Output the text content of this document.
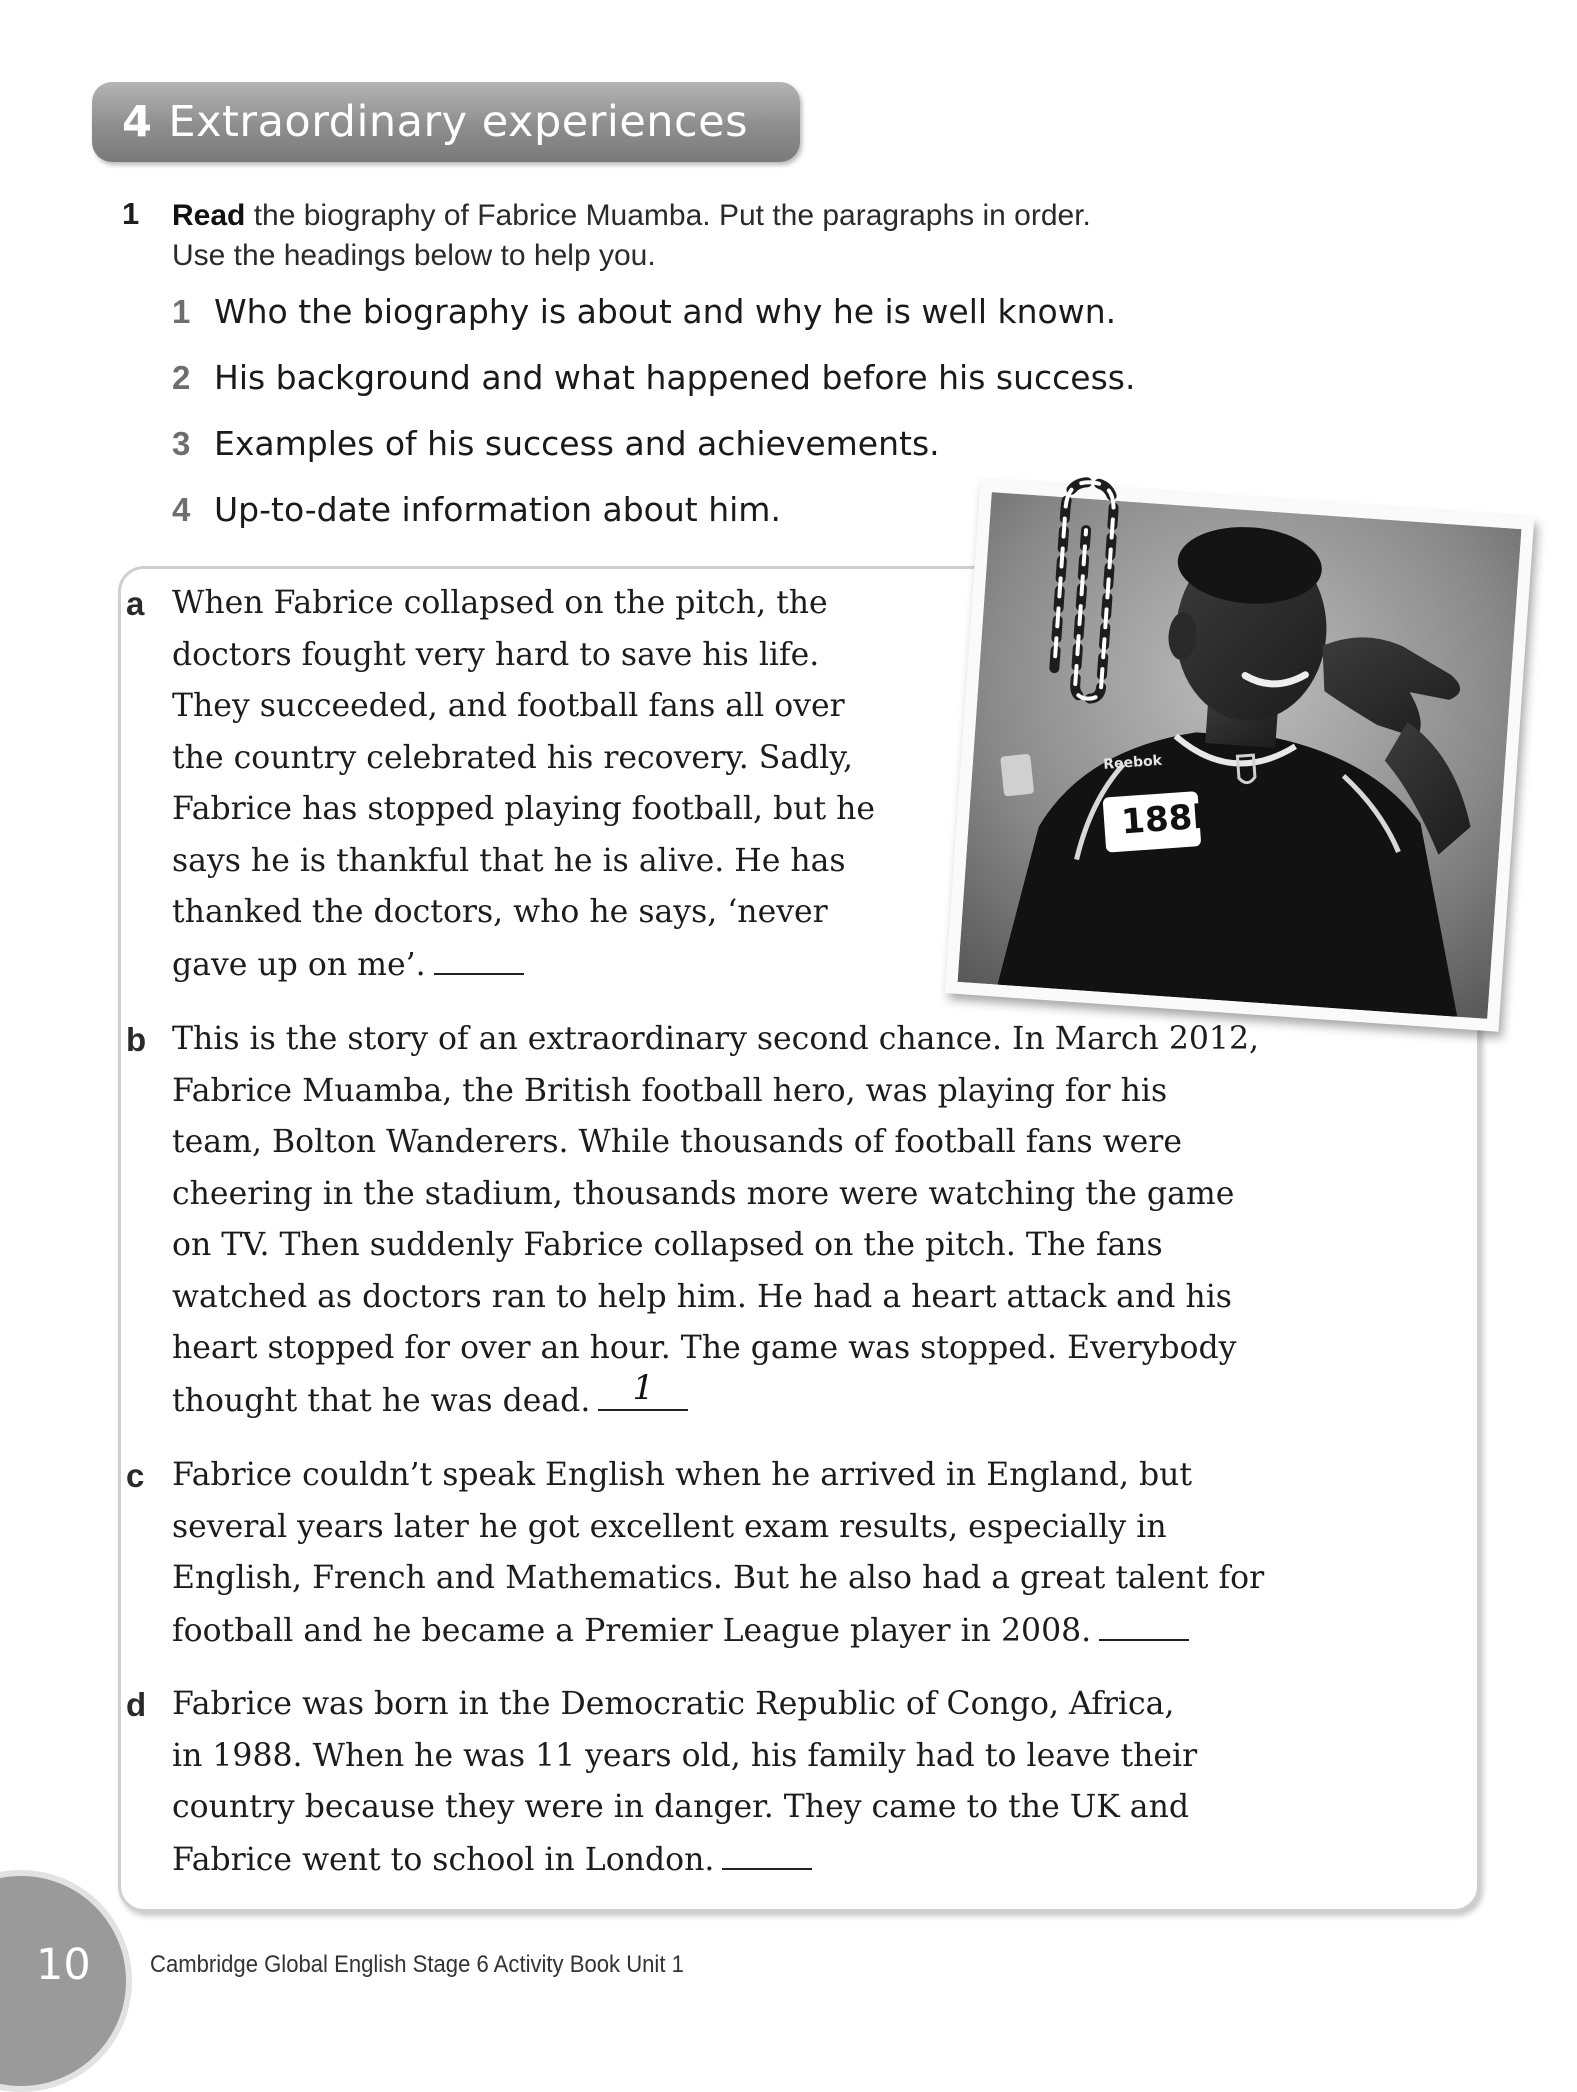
4 Extraordinary experiences
1 Read the biography of Fabrice Muamba. Put the paragraphs in order.
Use the headings below to help you.
1 Who the biography is about and why he is well known.
2 His background and what happened before his success.
3 Examples of his success and achievements.
4 Up-to-date information about him.
188BET
Reebok
a When Fabrice collapsed on the pitch, the
doctors fought very hard to save his life.
They succeeded, and football fans all over
the country celebrated his recovery. Sadly,
Fabrice has stopped playing football, but he
says he is thankful that he is alive. He has
thanked the doctors, who he says, ‘never
gave up on me’.
b This is the story of an extraordinary second chance. In March 2012,
Fabrice Muamba, the British football hero, was playing for his
team, Bolton Wanderers. While thousands of football fans were
cheering in the stadium, thousands more were watching the game
on TV. Then suddenly Fabrice collapsed on the pitch. The fans
watched as doctors ran to help him. He had a heart attack and his
heart stopped for over an hour. The game was stopped. Everybody
thought that he was dead.	1
c Fabrice couldn’t speak English when he arrived in England, but
several years later he got excellent exam results, especially in
English, French and Mathematics. But he also had a great talent for
football and he became a Premier League player in 2008.
d Fabrice was born in the Democratic Republic of Congo, Africa,
in 1988. When he was 11 years old, his family had to leave their
country because they were in danger. They came to the UK and
Fabrice went to school in London.
10 Cambridge Global English Stage 6 Activity Book Unit 1
